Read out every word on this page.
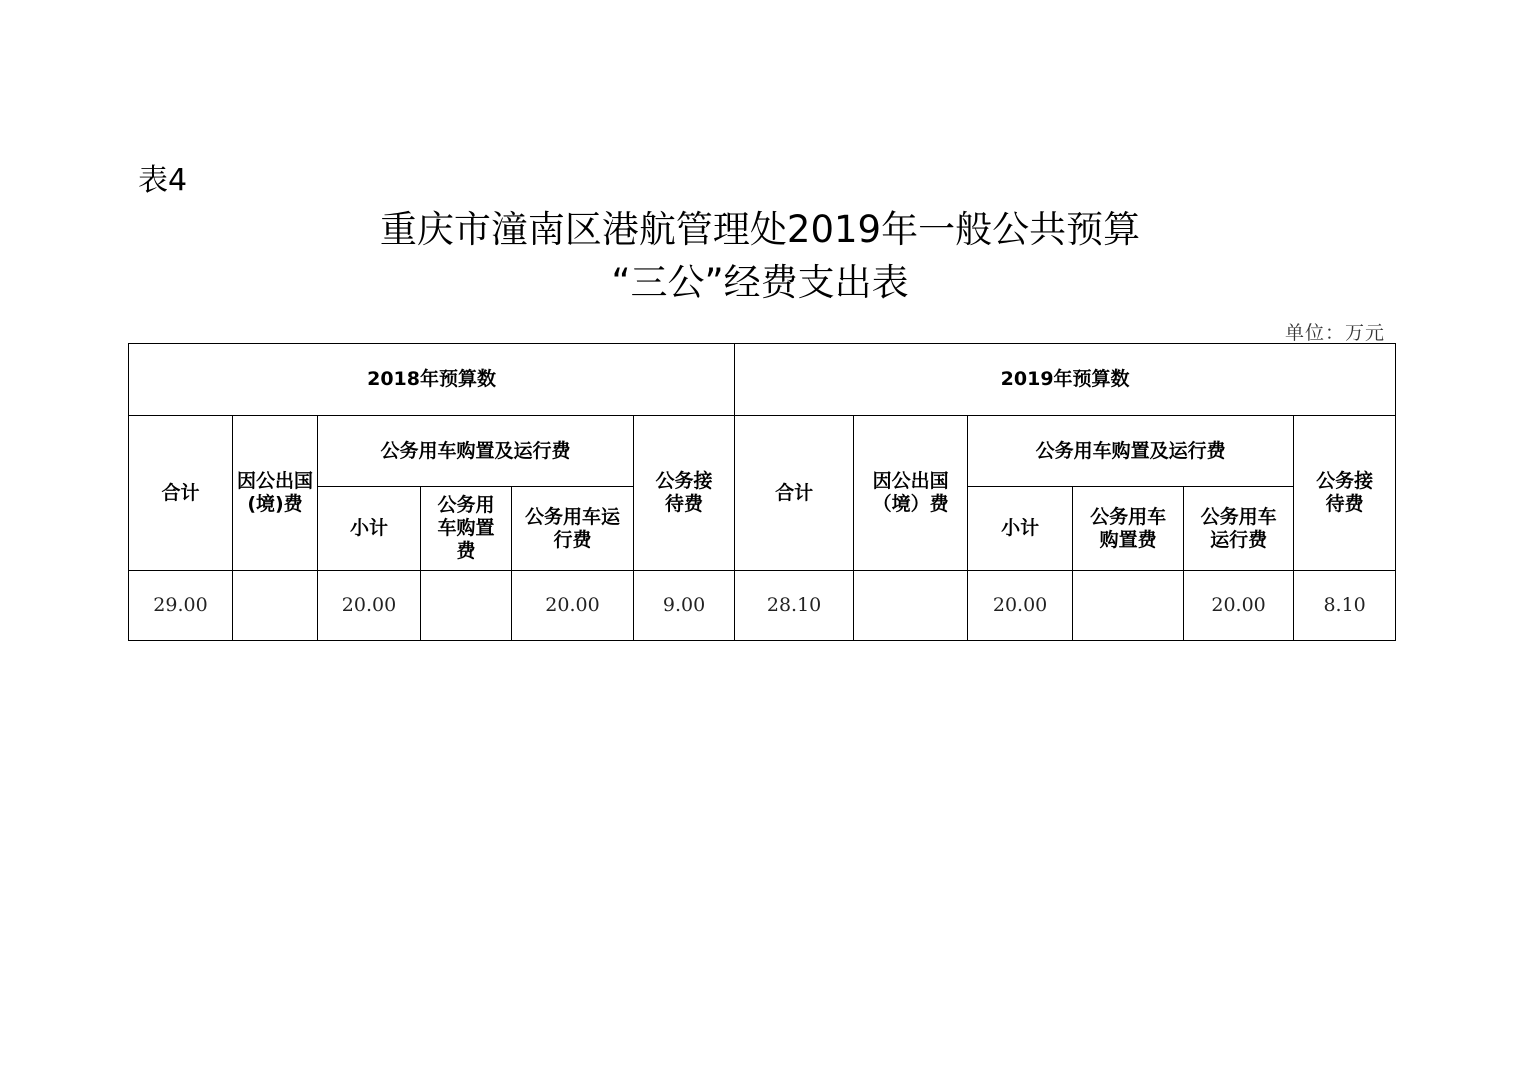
表4
重庆市潼南区港航管理处2019年一般公共预算
“三公”经费支出表
单位：万元
2018年预算数						2019年预算数					
合计	因公出国(境)费	公务用车购置及运行费			公务接待费	合计	因公出国（境）费	公务用车购置及运行费			公务接待费
		小计	公务用车购置费	公务用车运行费				小计	公务用车购置费	公务用车运行费	
29.00		20.00		20.00	9.00	28.10		20.00		20.00	8.10
